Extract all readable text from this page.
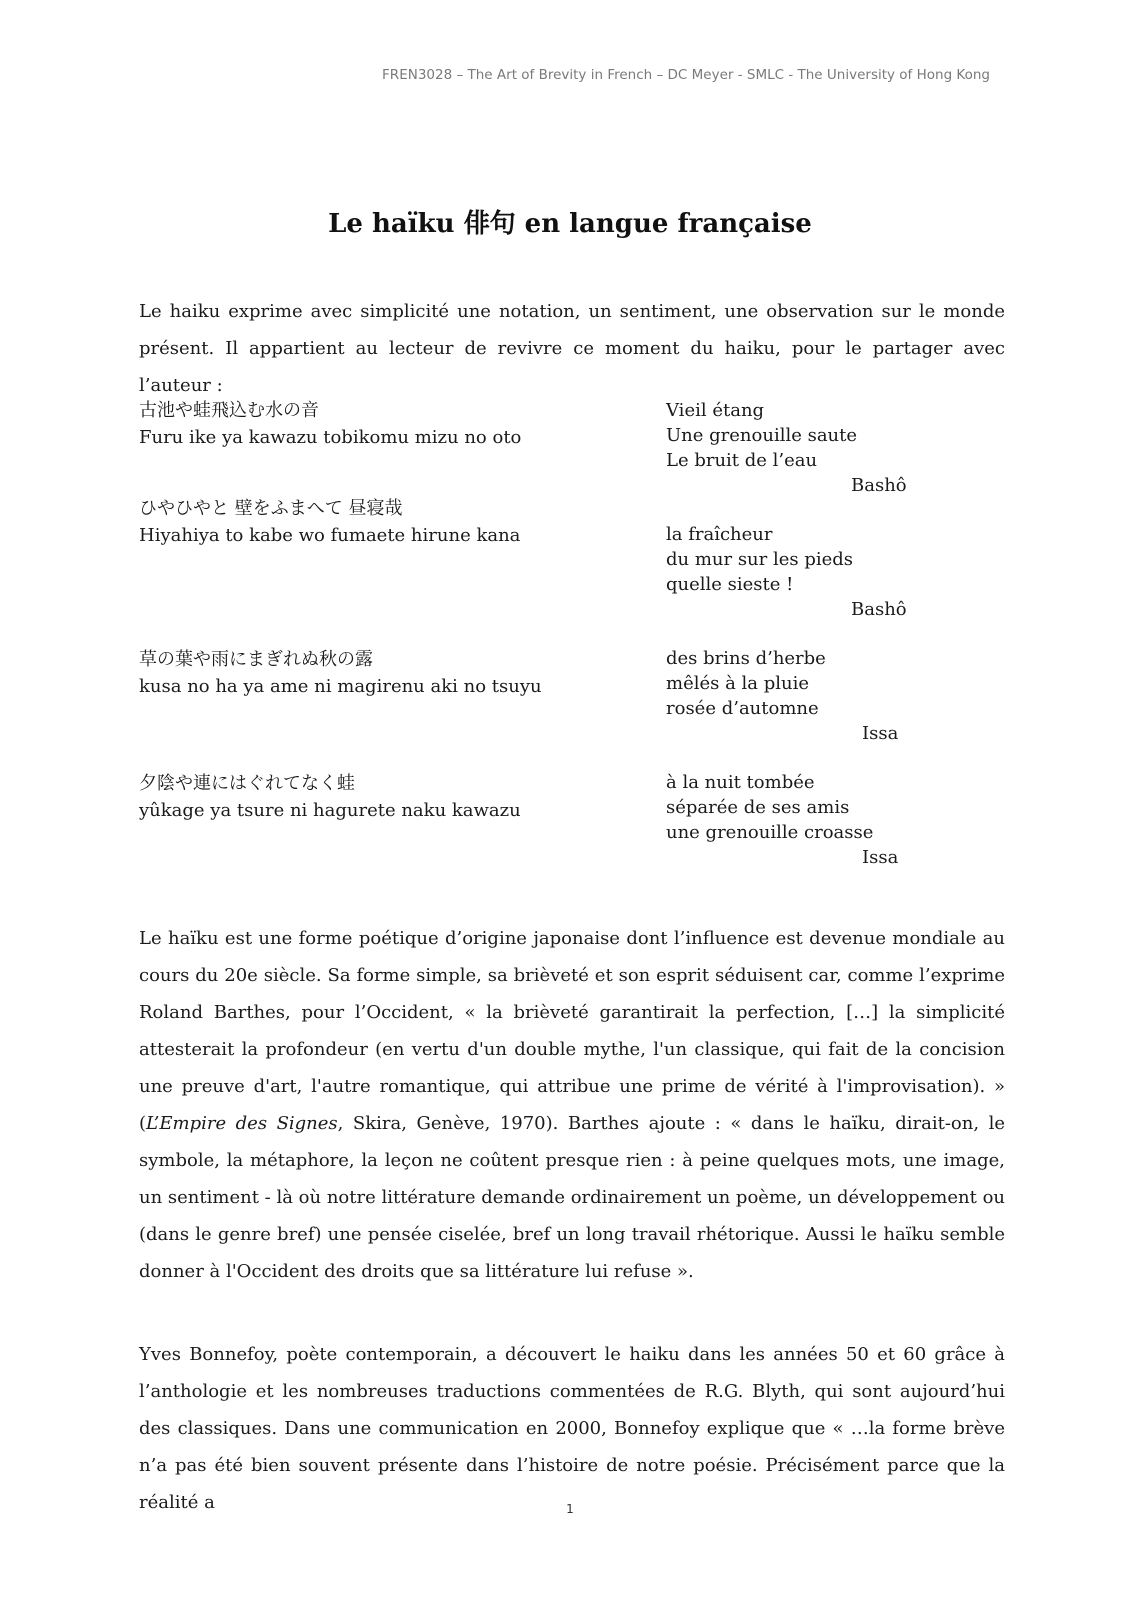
FREN3028 – The Art of Brevity in French – DC Meyer - SMLC - The University of Hong Kong
Le haïku 俳句 en langue française

Le haiku exprime avec simplicité une notation, un sentiment, une observation sur le monde présent. Il appartient au lecteur de revivre ce moment du haiku, pour le partager avec l’auteur :

古池や蛙飛込む水の音
Furu ike ya kawazu tobikomu mizu no oto
Vieil étang
Une grenouille saute
Le bruit de l’eau
Bashô
ひやひやと 壁をふまへて 昼寝哉
Hiyahiya to kabe wo fumaete hirune kana	la fraîcheur
du mur sur les pieds
quelle sieste !
Bashô
草の葉や雨にまぎれぬ秋の露
kusa no ha ya ame ni magirenu aki no tsuyu
des brins d’herbe
mêlés à la pluie
rosée d’automne
Issa
夕陰や連にはぐれてなく蛙
yûkage ya tsure ni hagurete naku kawazu
à la nuit tombée
séparée de ses amis
une grenouille croasse
Issa

Le haïku est une forme poétique d’origine japonaise dont l’influence est devenue mondiale au cours du 20e siècle. Sa forme simple, sa brièveté et son esprit séduisent car, comme l’exprime Roland Barthes, pour l’Occident, « la brièveté garantirait la perfection, […] la simplicité attesterait la profondeur (en vertu d'un double mythe, l'un classique, qui fait de la concision une preuve d'art, l'autre romantique, qui attribue une prime de vérité à l'improvisation). » (L’Empire des Signes, Skira, Genève, 1970). Barthes ajoute : « dans le haïku, dirait-on, le symbole, la métaphore, la leçon ne coûtent presque rien : à peine quelques mots, une image, un sentiment - là où notre littérature demande ordinairement un poème, un développement ou (dans le genre bref) une pensée ciselée, bref un long travail rhétorique. Aussi le haïku semble donner à l'Occident des droits que sa littérature lui refuse ».

Yves Bonnefoy, poète contemporain, a découvert le haiku dans les années 50 et 60 grâce à l’anthologie et les nombreuses traductions commentées de R.G. Blyth, qui sont aujourd’hui des classiques. Dans une communication en 2000, Bonnefoy explique que « …la forme brève n’a pas été bien souvent présente dans l’histoire de notre poésie. Précisément parce que la réalité a	1
